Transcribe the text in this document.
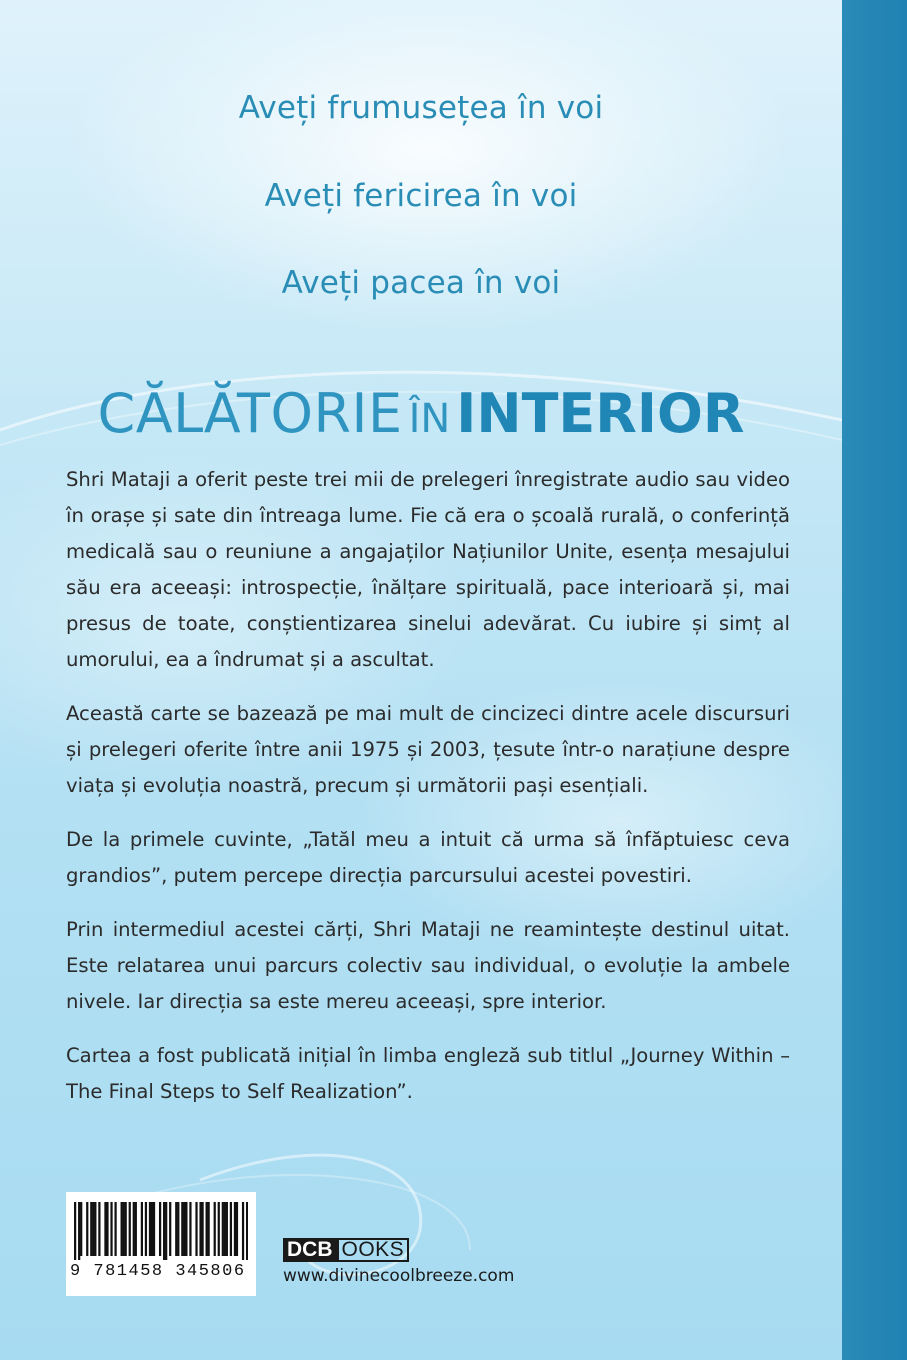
Aveți frumusețea în voi
Aveți fericirea în voi
Aveți pacea în voi
CĂLĂTORIE ÎN INTERIOR

Shri Mataji a oferit peste trei mii de prelegeri înregistrate audio sau video în orașe și sate din întreaga lume. Fie că era o școală rurală, o conferință medicală sau o reuniune a angajaților Națiunilor Unite, esența mesajului său era aceeași: introspecție, înălțare spirituală, pace interioară și, mai presus de toate, conștientizarea sinelui adevărat. Cu iubire și simț al umorului, ea a îndrumat și a ascultat.

Această carte se bazează pe mai mult de cincizeci dintre acele discursuri și prelegeri oferite între anii 1975 și 2003, țesute într-o narațiune despre viața și evoluția noastră, precum și următorii pași esențiali.

De la primele cuvinte, „Tatăl meu a intuit că urma să înfăptuiesc ceva grandios”, putem percepe direcția parcursului acestei povestiri.

Prin intermediul acestei cărți, Shri Mataji ne reamintește destinul uitat. Este relatarea unui parcurs colectiv sau individual, o evoluție la ambele nivele. Iar direcția sa este mereu aceeași, spre interior.

Cartea a fost publicată inițial în limba engleză sub titlul „Journey Within – The Final Steps to Self Realization”.

9 781458 345806
DCB OOKS
www.divinecoolbreeze.com
